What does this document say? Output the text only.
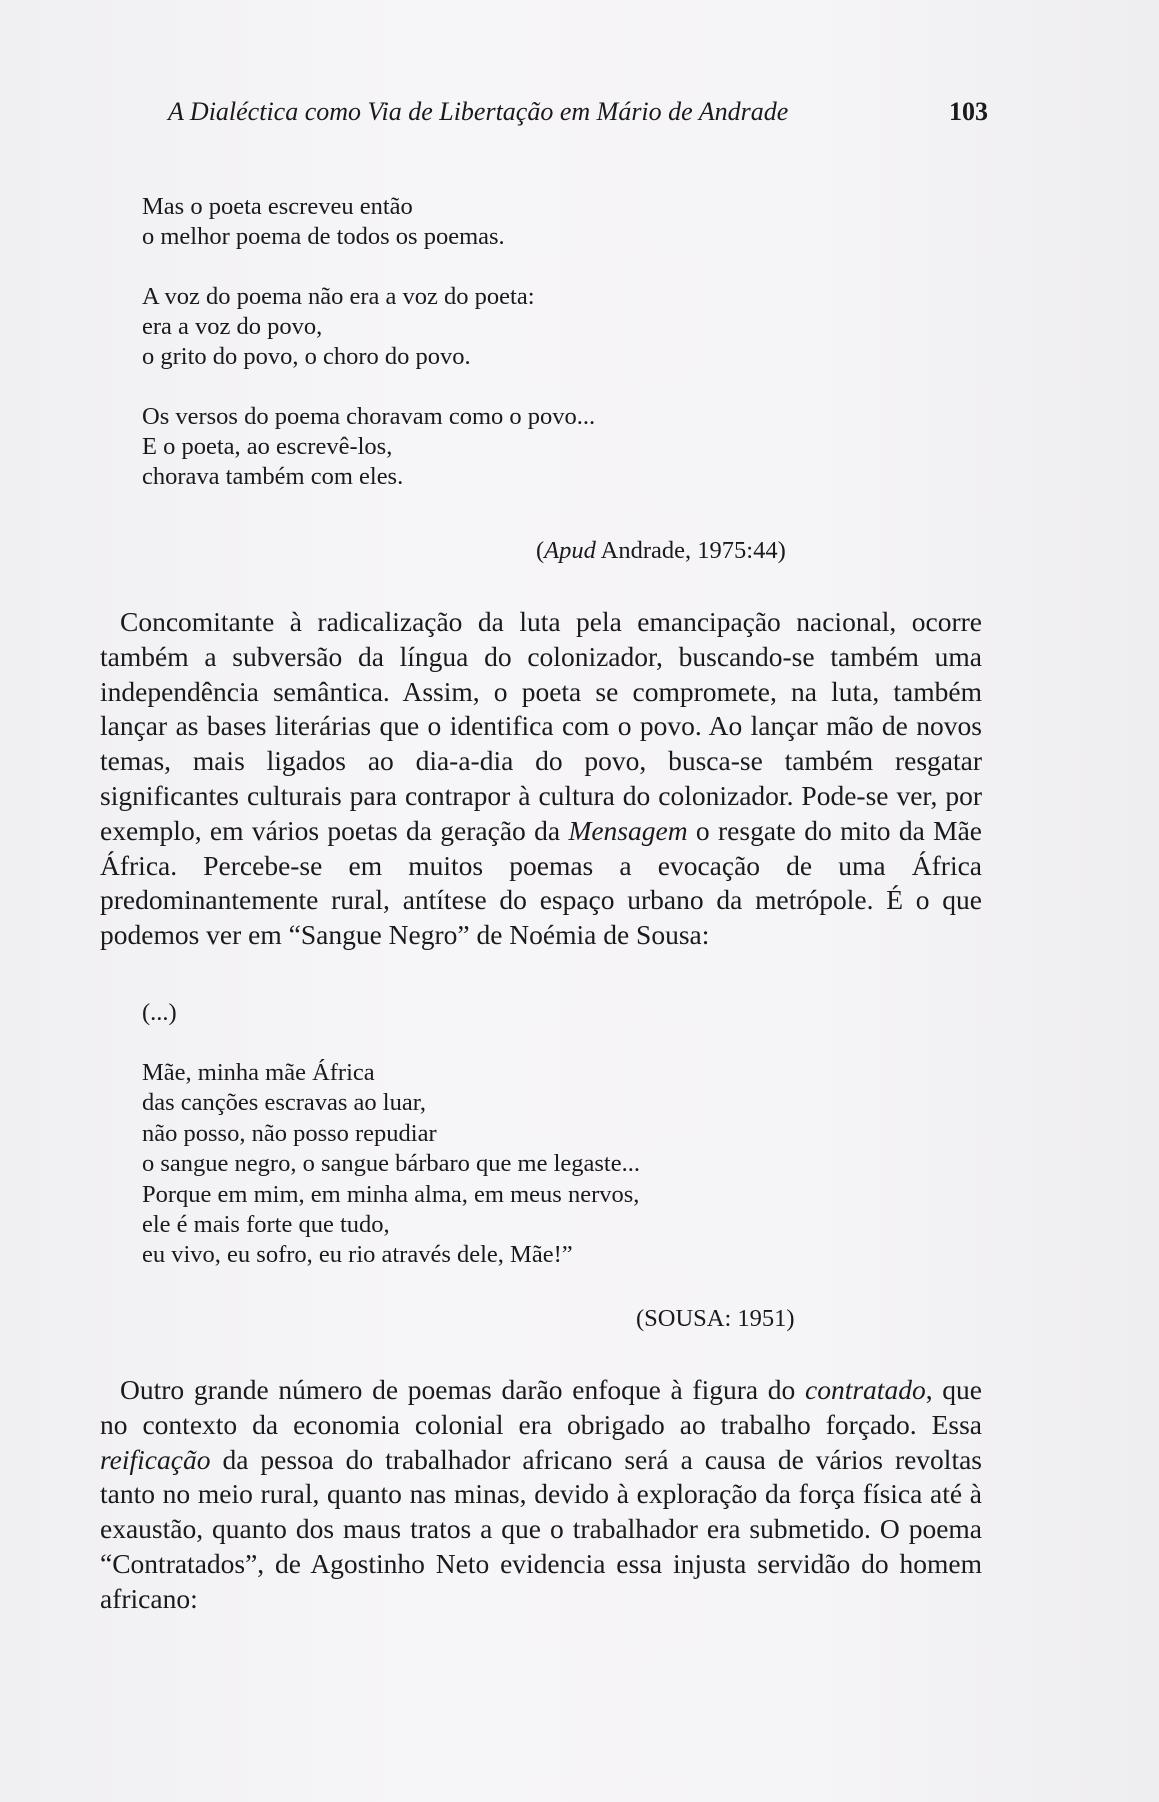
A Dialéctica como Via de Libertação em Mário de Andrade	103
Mas o poeta escreveu então
o melhor poema de todos os poemas.
A voz do poema não era a voz do poeta:
era a voz do povo,
o grito do povo, o choro do povo.
Os versos do poema choravam como o povo...
E o poeta, ao escrevê-los,
chorava também com eles.
(Apud Andrade, 1975:44)

Concomitante à radicalização da luta pela emancipação nacional, ocorre também a subversão da língua do colonizador, buscando-se também uma independência semântica. Assim, o poeta se compromete, na luta, também lançar as bases literárias que o identifica com o povo. Ao lançar mão de novos temas, mais ligados ao dia-a-dia do povo, busca-se também resgatar significantes culturais para contrapor à cultura do colonizador. Pode-se ver, por exemplo, em vários poetas da geração da Mensagem o resgate do mito da Mãe África. Percebe-se em muitos poemas a evocação de uma África predominantemente rural, antítese do espaço urbano da metrópole. É o que podemos ver em “Sangue Negro” de Noémia de Sousa:

(...)
Mãe, minha mãe África
das canções escravas ao luar,
não posso, não posso repudiar
o sangue negro, o sangue bárbaro que me legaste...
Porque em mim, em minha alma, em meus nervos,
ele é mais forte que tudo,
eu vivo, eu sofro, eu rio através dele, Mãe!”
(SOUSA: 1951)

Outro grande número de poemas darão enfoque à figura do contratado, que no contexto da economia colonial era obrigado ao trabalho forçado. Essa reificação da pessoa do trabalhador africano será a causa de vários revoltas tanto no meio rural, quanto nas minas, devido à exploração da força física até à exaustão, quanto dos maus tratos a que o trabalhador era submetido. O poema “Contratados”, de Agostinho Neto evidencia essa injusta servidão do homem africano:
